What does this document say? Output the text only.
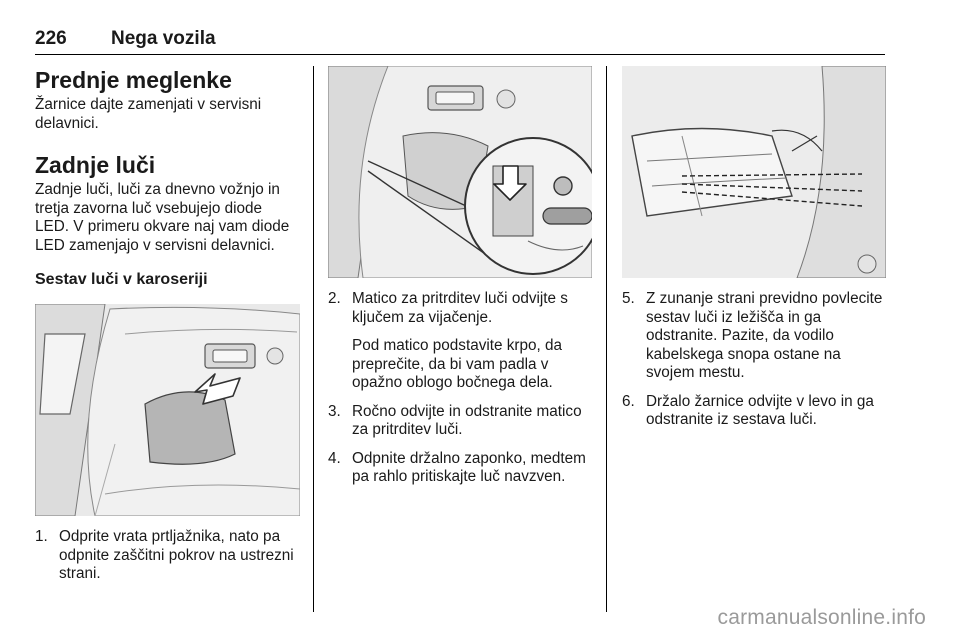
226 Nega vozila
Prednje meglenke

Žarnice dajte zamenjati v servisni delavnici.

Zadnje luči

Zadnje luči, luči za dnevno vožnjo in tretja zavorna luč vsebujejo diode LED. V primeru okvare naj vam diode LED zamenjajo v servisni delavnici.

Sestav luči v karoseriji
1. Odprite vrata prtljažnika, nato pa odpnite zaščitni pokrov na ustrezni strani.
2. Matico za pritrditev luči odvijte s ključem za vijačenje.
Pod matico podstavite krpo, da preprečite, da bi vam padla v opažno oblogo bočnega dela.
3. Ročno odvijte in odstranite matico za pritrditev luči.
4. Odpnite držalno zaponko, medtem pa rahlo pritiskajte luč navzven.
5. Z zunanje strani previdno povlecite sestav luči iz ležišča in ga odstranite. Pazite, da vodilo kabelskega snopa ostane na svojem mestu.
6. Držalo žarnice odvijte v levo in ga odstranite iz sestava luči.
carmanualsonline.info
